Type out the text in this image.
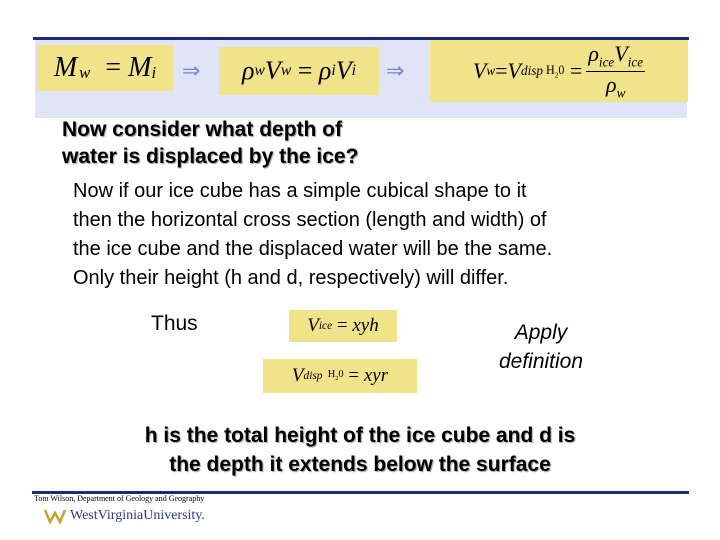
M w = M i ⇒ ρ w V w = ρ i V i ⇒	V w = V disp $H_20 = \frac{\rho_{ice}V_{ice}}{\rho_w}$
Now consider what depth of
water is displaced by the ice?
Now if our ice cube has a simple cubical shape to it
then the horizontal cross section (length and width) of
the ice cube and the displaced water will be the same.
Only their height (h and d, respectively) will differ.
Thus	V ice = xyh
V disp $H_20$ = xyr
Apply
definition
h is the total height of the ice cube and d is
the depth it extends below the surface
Tom Wilson, Department of Geology and Geography
WestVirginiaUniversity.
